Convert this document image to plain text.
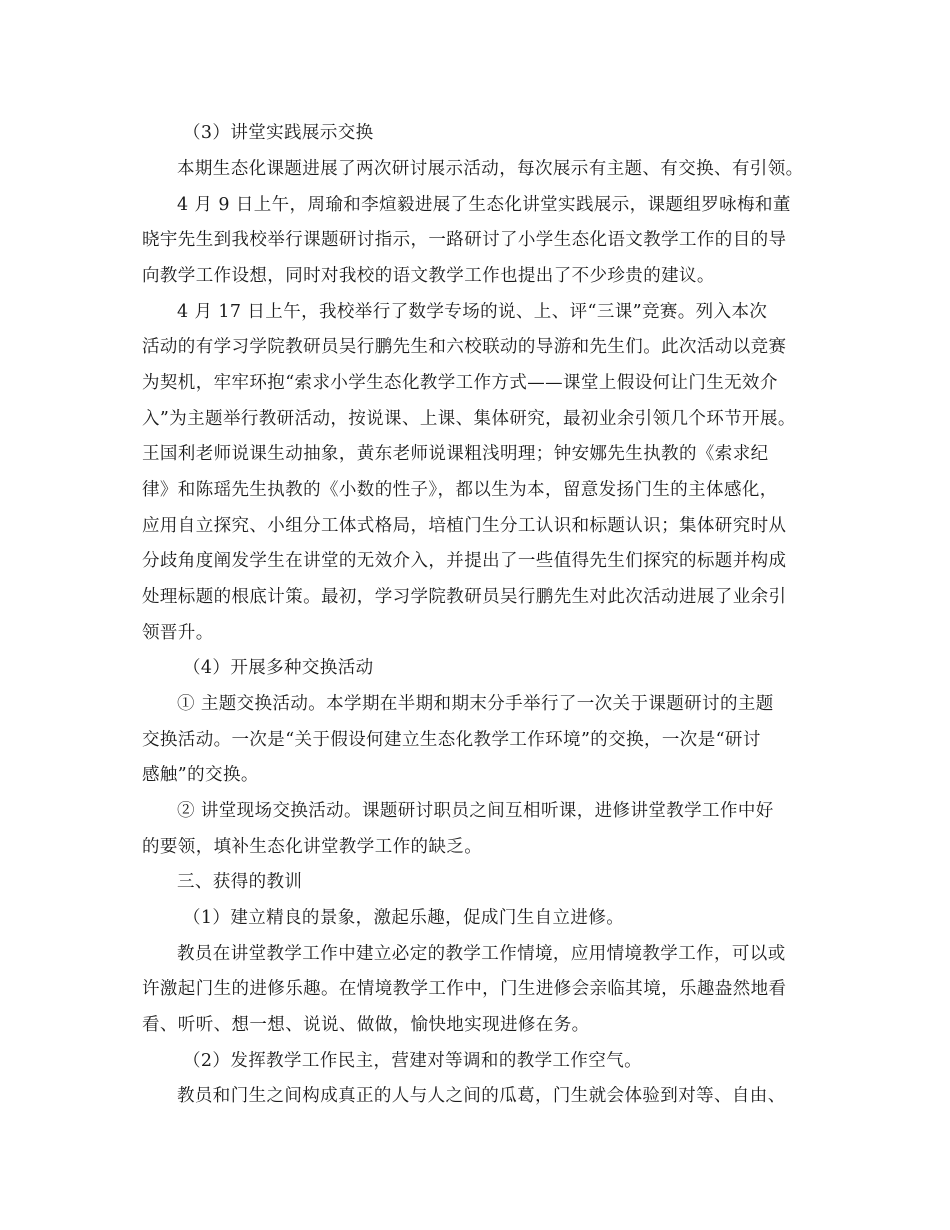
（3）讲堂实践展示交换
本期生态化课题进展了两次研讨展示活动，每次展示有主题、有交换、有引领。
4 月 9 日上午，周瑜和李煊毅进展了生态化讲堂实践展示，课题组罗咏梅和董
晓宇先生到我校举行课题研讨指示，一路研讨了小学生态化语文教学工作的目的导
向教学工作设想，同时对我校的语文教学工作也提出了不少珍贵的建议。
4 月 17 日上午，我校举行了数学专场的说、上、评“三课”竞赛。列入本次
活动的有学习学院教研员吴行鹏先生和六校联动的导游和先生们。此次活动以竞赛
为契机，牢牢环抱“索求小学生态化教学工作方式——课堂上假设何让门生无效介
入”为主题举行教研活动，按说课、上课、集体研究，最初业余引领几个环节开展。
王国利老师说课生动抽象，黄东老师说课粗浅明理；钟安娜先生执教的《索求纪
律》和陈瑶先生执教的《小数的性子》，都以生为本，留意发扬门生的主体感化，
应用自立探究、小组分工体式格局，培植门生分工认识和标题认识；集体研究时从
分歧角度阐发学生在讲堂的无效介入，并提出了一些值得先生们探究的标题并构成
处理标题的根底计策。最初，学习学院教研员吴行鹏先生对此次活动进展了业余引
领晋升。
（4）开展多种交换活动
① 主题交换活动。本学期在半期和期末分手举行了一次关于课题研讨的主题
交换活动。一次是“关于假设何建立生态化教学工作环境”的交换，一次是“研讨
感触”的交换。
② 讲堂现场交换活动。课题研讨职员之间互相听课，进修讲堂教学工作中好
的要领，填补生态化讲堂教学工作的缺乏。
三、获得的教训
（1）建立精良的景象，激起乐趣，促成门生自立进修。
教员在讲堂教学工作中建立必定的教学工作情境，应用情境教学工作，可以或
许激起门生的进修乐趣。在情境教学工作中，门生进修会亲临其境，乐趣盎然地看
看、听听、想一想、说说、做做，愉快地实现进修在务。
（2）发挥教学工作民主，营建对等调和的教学工作空气。
教员和门生之间构成真正的人与人之间的瓜葛，门生就会体验到对等、自由、
